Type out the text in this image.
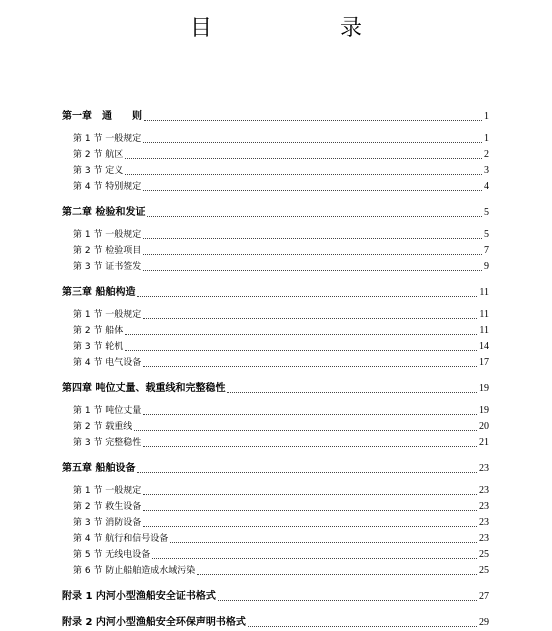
目　　录
第一章　通　　则	1
第 1 节 一般规定	1
第 2 节 航区	2
第 3 节 定义	3
第 4 节 特别规定	4
第二章 检验和发证	5
第 1 节 一般规定	5
第 2 节 检验项目	7
第 3 节 证书签发	9
第三章 船舶构造	11
第 1 节 一般规定	11
第 2 节 船体	11
第 3 节 轮机	14
第 4 节 电气设备	17
第四章 吨位丈量、载重线和完整稳性	19
第 1 节 吨位丈量	19
第 2 节 载重线	20
第 3 节 完整稳性	21
第五章 船舶设备	23
第 1 节 一般规定	23
第 2 节 救生设备	23
第 3 节 消防设备	23
第 4 节 航行和信号设备	23
第 5 节 无线电设备	25
第 6 节 防止船舶造成水域污染	25
附录 1 内河小型渔船安全证书格式	27
附录 2 内河小型渔船安全环保声明书格式	29
